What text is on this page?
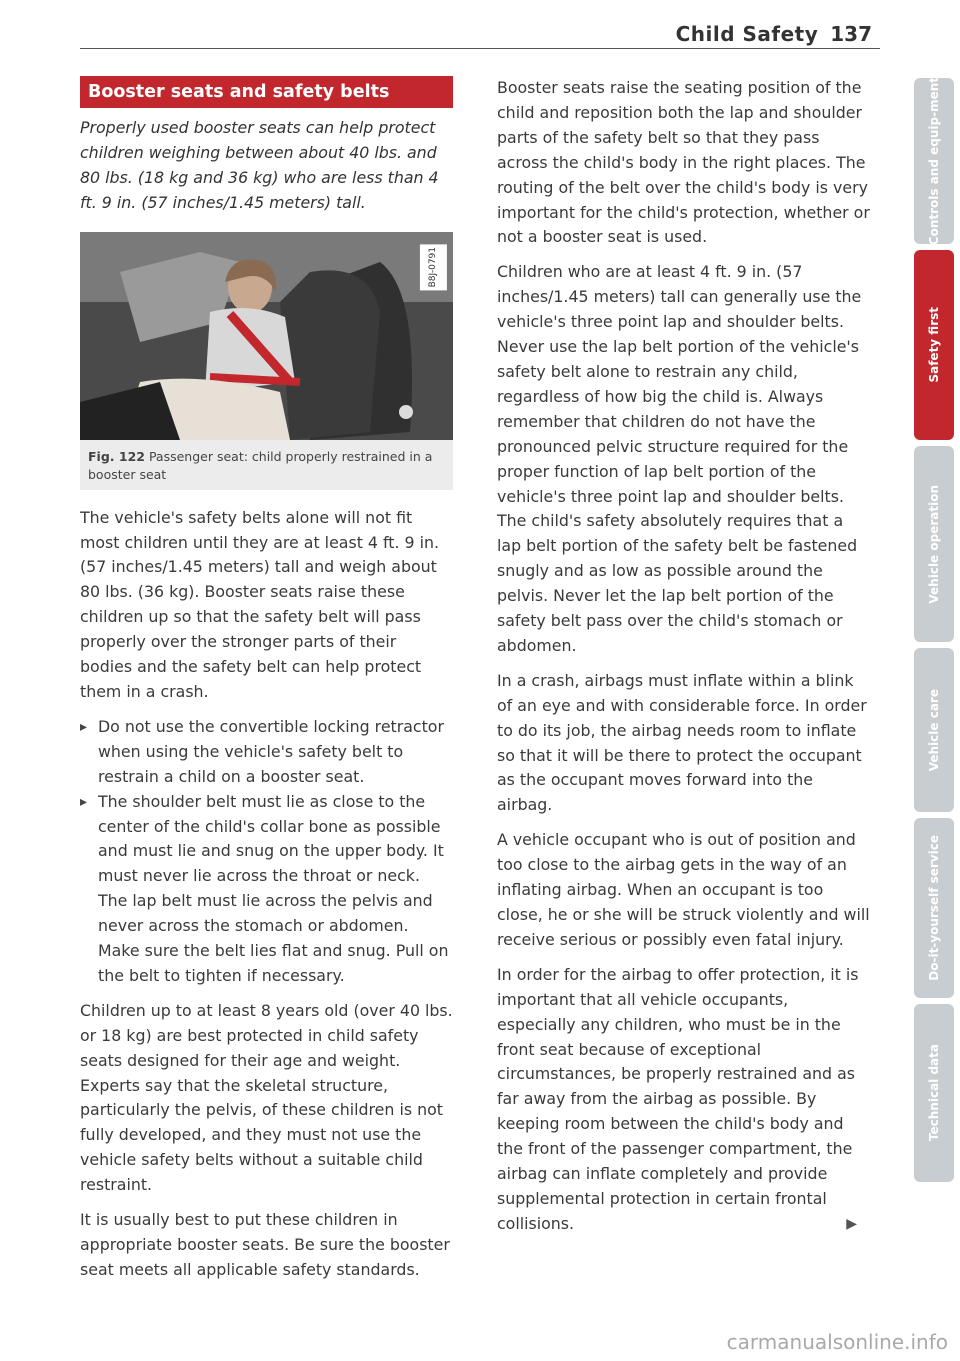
Child Safety 137
Booster seats and safety belts

Properly used booster seats can help protect children weighing between about 40 lbs. and 80 lbs. (18 kg and 36 kg) who are less than 4 ft. 9 in. (57 inches/1.45 meters) tall.

B8J-0791
Fig. 122 Passenger seat: child properly restrained in a booster seat

The vehicle's safety belts alone will not fit most children until they are at least 4 ft. 9 in. (57 inches/1.45 meters) tall and weigh about 80 lbs. (36 kg). Booster seats raise these children up so that the safety belt will pass properly over the stronger parts of their bodies and the safety belt can help protect them in a crash.

▸ Do not use the convertible locking retractor when using the vehicle's safety belt to restrain a child on a booster seat.
▸ The shoulder belt must lie as close to the center of the child's collar bone as possible and must lie and snug on the upper body. It must never lie across the throat or neck. The lap belt must lie across the pelvis and never across the stomach or abdomen. Make sure the belt lies flat and snug. Pull on the belt to tighten if necessary.

Children up to at least 8 years old (over 40 lbs. or 18 kg) are best protected in child safety seats designed for their age and weight. Experts say that the skeletal structure, particularly the pelvis, of these children is not fully developed, and they must not use the vehicle safety belts without a suitable child restraint.

It is usually best to put these children in appropriate booster seats. Be sure the booster seat meets all applicable safety standards.

Booster seats raise the seating position of the child and reposition both the lap and shoulder parts of the safety belt so that they pass across the child's body in the right places. The routing of the belt over the child's body is very important for the child's protection, whether or not a booster seat is used.

Children who are at least 4 ft. 9 in. (57 inches/1.45 meters) tall can generally use the vehicle's three point lap and shoulder belts. Never use the lap belt portion of the vehicle's safety belt alone to restrain any child, regardless of how big the child is. Always remember that children do not have the pronounced pelvic structure required for the proper function of lap belt portion of the vehicle's three point lap and shoulder belts. The child's safety absolutely requires that a lap belt portion of the safety belt be fastened snugly and as low as possible around the pelvis. Never let the lap belt portion of the safety belt pass over the child's stomach or abdomen.

In a crash, airbags must inflate within a blink of an eye and with considerable force. In order to do its job, the airbag needs room to inflate so that it will be there to protect the occupant as the occupant moves forward into the airbag.

A vehicle occupant who is out of position and too close to the airbag gets in the way of an inflating airbag. When an occupant is too close, he or she will be struck violently and will receive serious or possibly even fatal injury.

In order for the airbag to offer protection, it is important that all vehicle occupants, especially any children, who must be in the front seat because of exceptional circumstances, be properly restrained and as far away from the airbag as possible. By keeping room between the child's body and the front of the passenger compartment, the airbag can inflate completely and provide supplemental protection in certain frontal collisions.	▶

Controls and equip-ment
Safety first
Vehicle operation
Vehicle care
Do-it-yourself service
Technical data
carmanualsonline.info
